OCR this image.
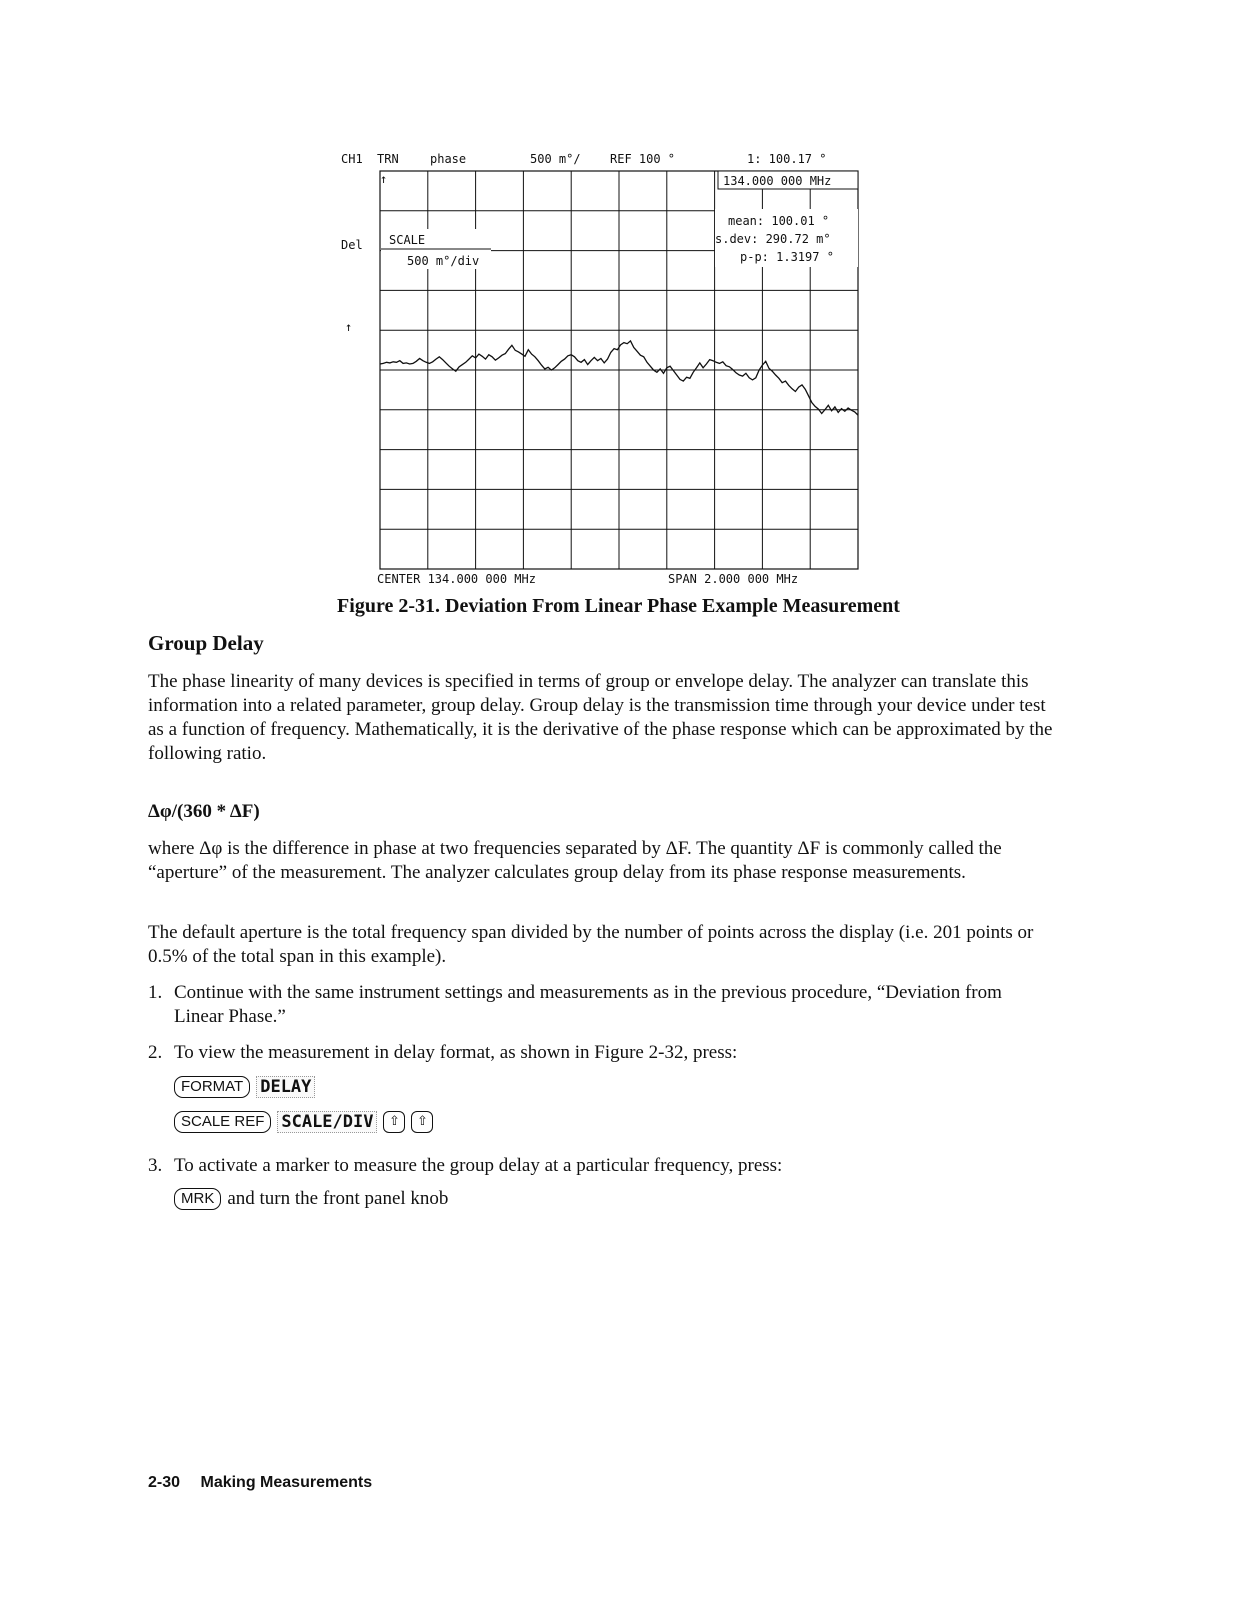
CH1 TRN	phase	500 m°/ REF 100 °	1: 100.17 °
134.000 000 MHz
mean: 100.01 °
s.dev: 290.72 m°
p-p: 1.3197 °
SCALE
500 m°/div
Del
↑
↑
CENTER 134.000 000 MHz	SPAN 2.000 000 MHz
Figure 2-31. Deviation From Linear Phase Example Measurement
Group Delay

The phase linearity of many devices is specified in terms of group or envelope delay. The analyzer can translate this information into a related parameter, group delay. Group delay is the transmission time through your device under test as a function of frequency. Mathematically, it is the derivative of the phase response which can be approximated by the following ratio.

Δφ/(360 * ΔF)

where Δφ is the difference in phase at two frequencies separated by ΔF. The quantity ΔF is commonly called the “aperture” of the measurement. The analyzer calculates group delay from its phase response measurements.

The default aperture is the total frequency span divided by the number of points across the display (i.e. 201 points or 0.5% of the total span in this example).

1. Continue with the same instrument settings and measurements as in the previous procedure, “Deviation from Linear Phase.”
2. To view the measurement in delay format, as shown in Figure 2-32, press:
FORMAT	DELAY
SCALE REF	SCALE/DIV	⇧	⇧
3. To activate a marker to measure the group delay at a particular frequency, press:
MRK and turn the front panel knob
2-30 Making Measurements
